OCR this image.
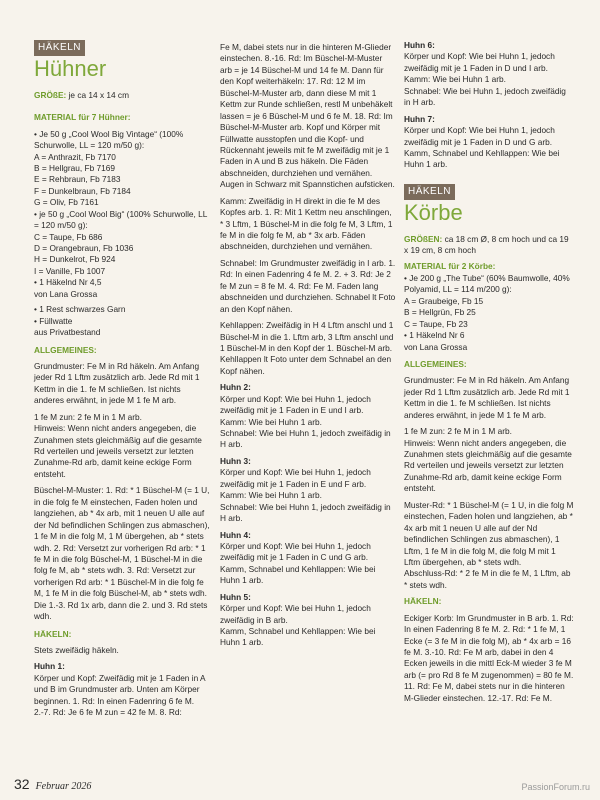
HÄKELN
Hühner

GRÖßE: je ca 14 x 14 cm

MATERIAL für 7 Hühner:

• Je 50 g „Cool Wool Big Vintage“ (100% Schurwolle, LL = 120 m/50 g):
A = Anthrazit, Fb 7170
B = Hellgrau, Fb 7169
E = Rehbraun, Fb 7183
F = Dunkelbraun, Fb 7184
G = Oliv, Fb 7161
• je 50 g „Cool Wool Big“ (100% Schurwolle, LL = 120 m/50 g):
C = Taupe, Fb 686
D = Orangebraun, Fb 1036
H = Dunkelrot, Fb 924
I = Vanille, Fb 1007
• 1 Häkelnd Nr 4,5
von Lana Grossa
• 1 Rest schwarzes Garn
• Füllwatte
aus Privatbestand

ALLGEMEINES:

Grundmuster: Fe M in Rd häkeln. Am Anfang jeder Rd 1 Lftm zusätzlich arb. Jede Rd mit 1 Kettm in die 1. fe M schließen. Ist nichts anderes erwähnt, in jede M 1 fe M arb.

1 fe M zun: 2 fe M in 1 M arb.

Hinweis: Wenn nicht anders angegeben, die Zunahmen stets gleichmäßig auf die gesamte Rd verteilen und jeweils versetzt zur letzten Zunahme-Rd arb, damit keine eckige Form entsteht.

Büschel-M-Muster: 1. Rd: * 1 Büschel-M (= 1 U, in die folg fe M einstechen, Faden holen und langziehen, ab * 4x arb, mit 1 neuen U alle auf der Nd befindlichen Schlingen zus abmaschen), 1 fe M in die folg M, 1 M übergehen, ab * stets wdh. 2. Rd: Versetzt zur vorherigen Rd arb: * 1 fe M in die folg Büschel-M, 1 Büschel-M in die folg fe M, ab * stets wdh. 3. Rd: Versetzt zur vorherigen Rd arb: * 1 Büschel-M in die folg fe M, 1 fe M in die folg Büschel-M, ab * stets wdh. Die 1.-3. Rd 1x arb, dann die 2. und 3. Rd stets wdh.

HÄKELN:

Stets zweifädig häkeln.

Huhn 1:

Körper und Kopf: Zweifädig mit je 1 Faden in A und B im Grundmuster arb. Unten am Körper beginnen. 1. Rd: In einen Fadenring 6 fe M. 2.-7. Rd: Je 6 fe M zun = 42 fe M. 8. Rd:

Fe M, dabei stets nur in die hinteren M-Glieder einstechen. 8.-16. Rd: Im Büschel-M-Muster arb = je 14 Büschel-M und 14 fe M. Dann für den Kopf weiterhäkeln: 17. Rd: 12 M im Büschel-M-Muster arb, dann diese M mit 1 Kettm zur Runde schließen, restl M unbehäkelt lassen = je 6 Büschel-M und 6 fe M. 18. Rd: Im Büschel-M-Muster arb. Kopf und Körper mit Füllwatte ausstopfen und die Kopf- und Rückennaht jeweils mit fe M zweifädig mit je 1 Faden in A und B zus häkeln. Die Fäden abschneiden, durchziehen und vernähen. Augen in Schwarz mit Spannstichen aufsticken.

Kamm: Zweifädig in H direkt in die fe M des Kopfes arb. 1. R: Mit 1 Kettm neu anschlingen, * 3 Lftm, 1 Büschel-M in die folg fe M, 3 Lftm, 1 fe M in die folg fe M, ab * 3x arb. Fäden abschneiden, durchziehen und vernähen.

Schnabel: Im Grundmuster zweifädig in I arb. 1. Rd: In einen Fadenring 4 fe M. 2. + 3. Rd: Je 2 fe M zun = 8 fe M. 4. Rd: Fe M. Faden lang abschneiden und durchziehen. Schnabel lt Foto an den Kopf nähen.

Kehllappen: Zweifädig in H 4 Lftm anschl und 1 Büschel-M in die 1. Lftm arb, 3 Lftm anschl und 1 Büschel-M in den Kopf der 1. Büschel-M arb. Kehllappen lt Foto unter dem Schnabel an den Kopf nähen.

Huhn 2:

Körper und Kopf: Wie bei Huhn 1, jedoch zweifädig mit je 1 Faden in E und I arb.
Kamm: Wie bei Huhn 1 arb.

Schnabel: Wie bei Huhn 1, jedoch zweifädig in H arb.

Huhn 3:

Körper und Kopf: Wie bei Huhn 1, jedoch zweifädig mit je 1 Faden in E und F arb.
Kamm: Wie bei Huhn 1 arb.

Schnabel: Wie bei Huhn 1, jedoch zweifädig in H arb.

Huhn 4:

Körper und Kopf: Wie bei Huhn 1, jedoch zweifädig mit je 1 Faden in C und G arb.

Kamm, Schnabel und Kehllappen: Wie bei Huhn 1 arb.

Huhn 5:

Körper und Kopf: Wie bei Huhn 1, jedoch zweifädig in B arb.

Kamm, Schnabel und Kehllappen: Wie bei Huhn 1 arb.

Huhn 6:

Körper und Kopf: Wie bei Huhn 1, jedoch zweifädig mit je 1 Faden in D und I arb.
Kamm: Wie bei Huhn 1 arb.

Schnabel: Wie bei Huhn 1, jedoch zweifädig in H arb.

Huhn 7:

Körper und Kopf: Wie bei Huhn 1, jedoch zweifädig mit je 1 Faden in D und G arb.

Kamm, Schnabel und Kehllappen: Wie bei Huhn 1 arb.

HÄKELN
Körbe

GRÖßEN: ca 18 cm Ø, 8 cm hoch und ca 19 x 19 cm, 8 cm hoch

MATERIAL für 2 Körbe:

• Je 200 g „The Tube“ (60% Baumwolle, 40% Polyamid, LL = 114 m/200 g):
A = Graubeige, Fb 15
B = Hellgrün, Fb 25
C = Taupe, Fb 23
• 1 Häkelnd Nr 6
von Lana Grossa

ALLGEMEINES:

Grundmuster: Fe M in Rd häkeln. Am Anfang jeder Rd 1 Lftm zusätzlich arb. Jede Rd mit 1 Kettm in die 1. fe M schließen. Ist nichts anderes erwähnt, in jede M 1 fe M arb.

1 fe M zun: 2 fe M in 1 M arb.

Hinweis: Wenn nicht anders angegeben, die Zunahmen stets gleichmäßig auf die gesamte Rd verteilen und jeweils versetzt zur letzten Zunahme-Rd arb, damit keine eckige Form entsteht.

Muster-Rd: * 1 Büschel-M (= 1 U, in die folg M einstechen, Faden holen und langziehen, ab * 4x arb mit 1 neuen U alle auf der Nd befindlichen Schlingen zus abmaschen), 1 Lftm, 1 fe M in die folg M, die folg M mit 1 Lftm übergehen, ab * stets wdh.

Abschluss-Rd: * 2 fe M in die fe M, 1 Lftm, ab * stets wdh.

HÄKELN:

Eckiger Korb: Im Grundmuster in B arb. 1. Rd: In einen Fadenring 8 fe M. 2. Rd: * 1 fe M, 1 Ecke (= 3 fe M in die folg M), ab * 4x arb = 16 fe M. 3.-10. Rd: Fe M arb, dabei in den 4 Ecken jeweils in die mittl Eck-M wieder 3 fe M arb (= pro Rd 8 fe M zugenommen) = 80 fe M. 11. Rd: Fe M, dabei stets nur in die hinteren M-Glieder einstechen. 12.-17. Rd: Fe M.

32 Februar 2026	PassionForum.ru
